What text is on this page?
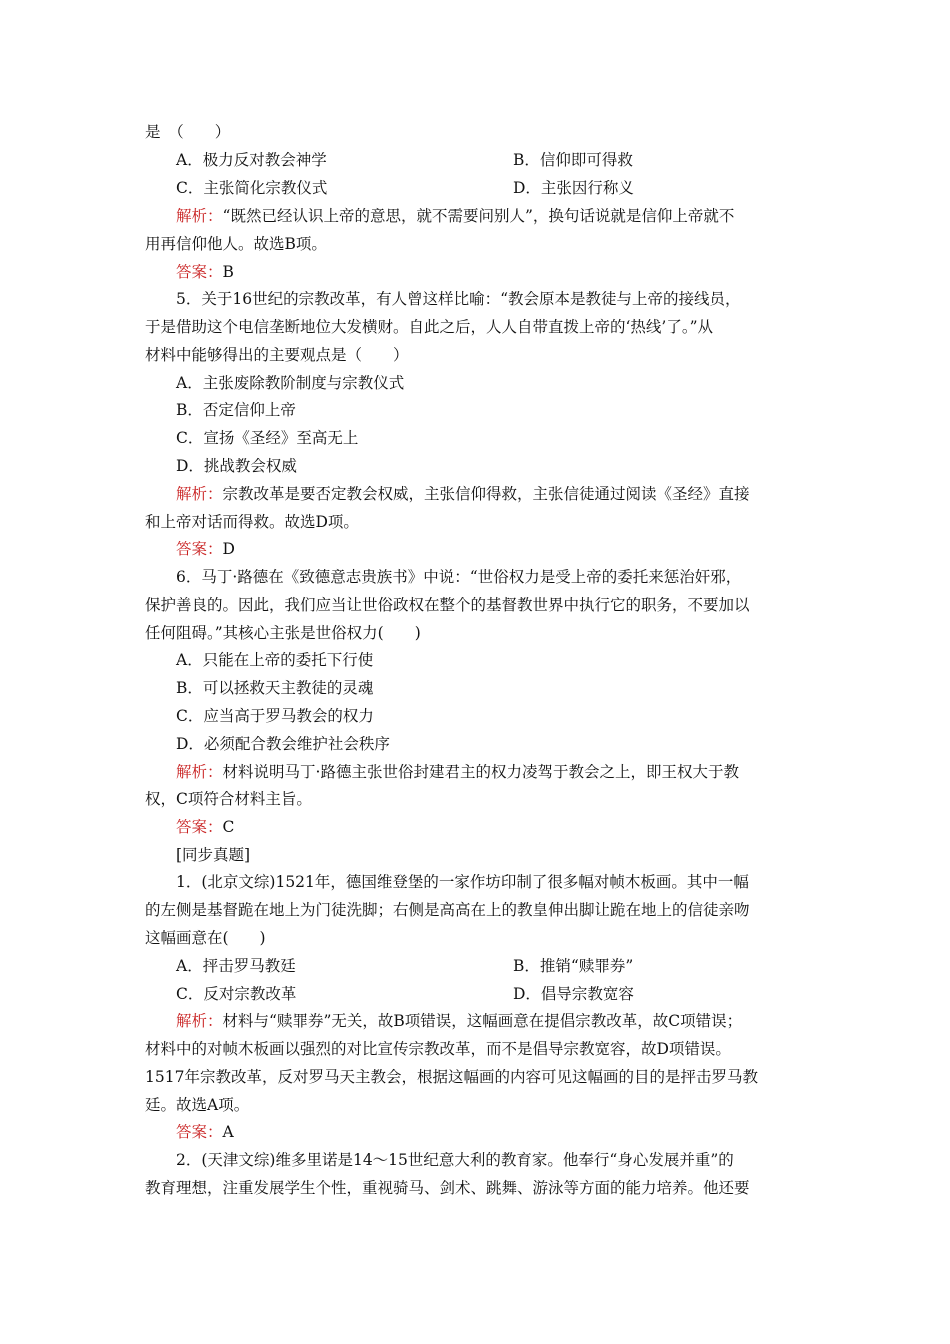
是　（　　）
A．极力反对教会神学	B．信仰即可得救
C．主张简化宗教仪式	D．主张因行称义
解析：“既然已经认识上帝的意思，就不需要问别人”，换句话说就是信仰上帝就不
用再信仰他人。故选B项。
答案：B
5．关于16世纪的宗教改革，有人曾这样比喻：“教会原本是教徒与上帝的接线员，
于是借助这个电信垄断地位大发横财。自此之后，人人自带直拨上帝的‘热线’了。”从
材料中能够得出的主要观点是（　　）
A．主张废除教阶制度与宗教仪式
B．否定信仰上帝
C．宣扬《圣经》至高无上
D．挑战教会权威
解析：宗教改革是要否定教会权威，主张信仰得救，主张信徒通过阅读《圣经》直接
和上帝对话而得救。故选D项。
答案：D
6．马丁·路德在《致德意志贵族书》中说：“世俗权力是受上帝的委托来惩治奸邪，
保护善良的。因此，我们应当让世俗政权在整个的基督教世界中执行它的职务，不要加以
任何阻碍。”其核心主张是世俗权力(　　)
A．只能在上帝的委托下行使
B．可以拯救天主教徒的灵魂
C．应当高于罗马教会的权力
D．必须配合教会维护社会秩序
解析：材料说明马丁·路德主张世俗封建君主的权力凌驾于教会之上，即王权大于教
权，C项符合材料主旨。
答案：C
[同步真题]
1．(北京文综)1521年，德国维登堡的一家作坊印制了很多幅对帧木板画。其中一幅
的左侧是基督跪在地上为门徒洗脚；右侧是高高在上的教皇伸出脚让跪在地上的信徒亲吻
这幅画意在(　　)
A．抨击罗马教廷	B．推销“赎罪券”
C．反对宗教改革	D．倡导宗教宽容
解析：材料与“赎罪券”无关，故B项错误，这幅画意在提倡宗教改革，故C项错误；
材料中的对帧木板画以强烈的对比宣传宗教改革，而不是倡导宗教宽容，故D项错误。
1517年宗教改革，反对罗马天主教会，根据这幅画的内容可见这幅画的目的是抨击罗马教
廷。故选A项。
答案：A
2．(天津文综)维多里诺是14～15世纪意大利的教育家。他奉行“身心发展并重”的
教育理想，注重发展学生个性，重视骑马、剑术、跳舞、游泳等方面的能力培养。他还要
